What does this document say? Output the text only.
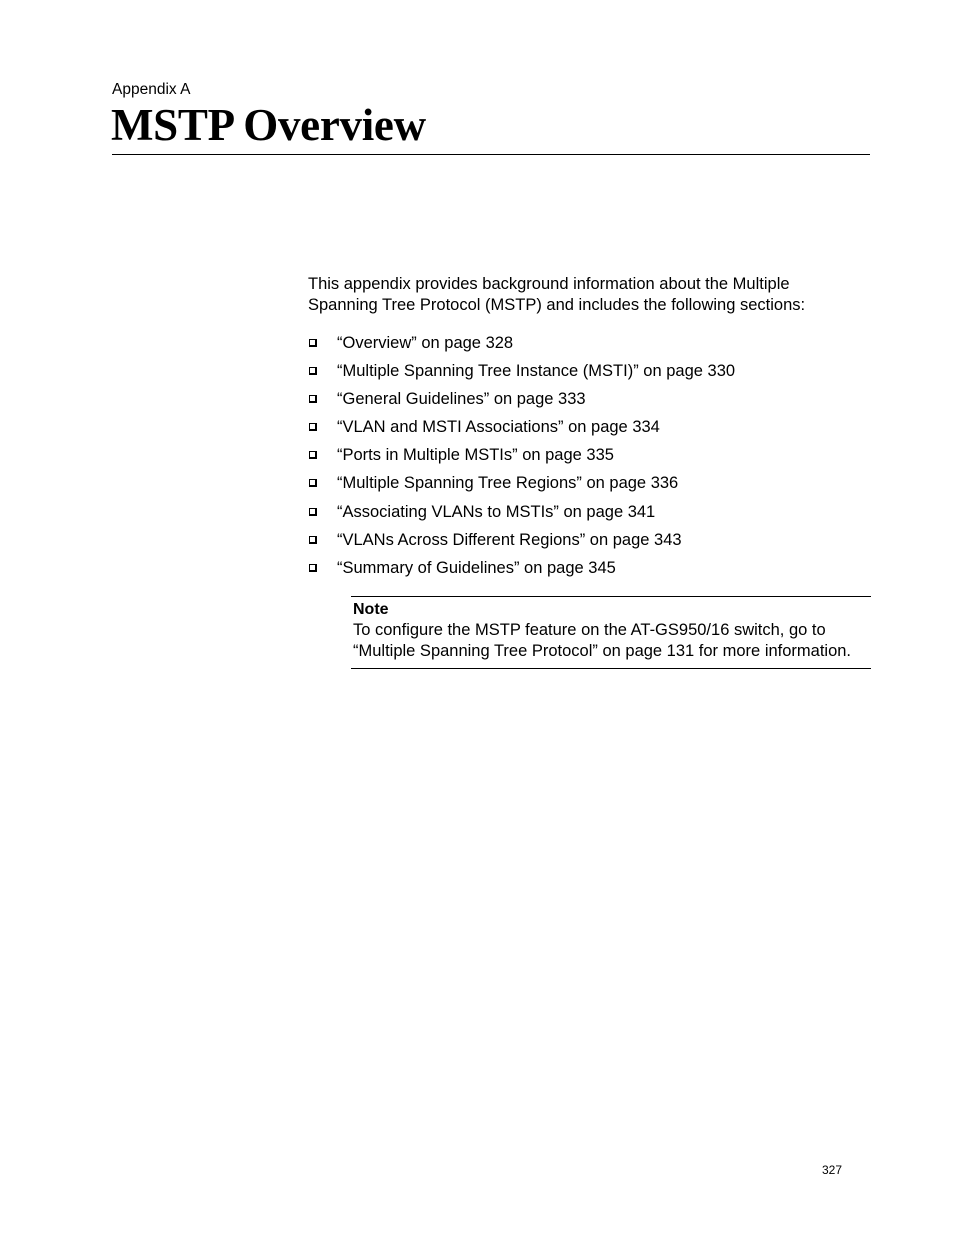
Appendix A
MSTP Overview

This appendix provides background information about the Multiple
Spanning Tree Protocol (MSTP) and includes the following sections:

“Overview” on page 328
“Multiple Spanning Tree Instance (MSTI)” on page 330
“General Guidelines” on page 333
“VLAN and MSTI Associations” on page 334
“Ports in Multiple MSTIs” on page 335
“Multiple Spanning Tree Regions” on page 336
“Associating VLANs to MSTIs” on page 341
“VLANs Across Different Regions” on page 343
“Summary of Guidelines” on page 345
Note
To configure the MSTP feature on the AT-GS950/16 switch, go to
“Multiple Spanning Tree Protocol” on page 131 for more information.
327
